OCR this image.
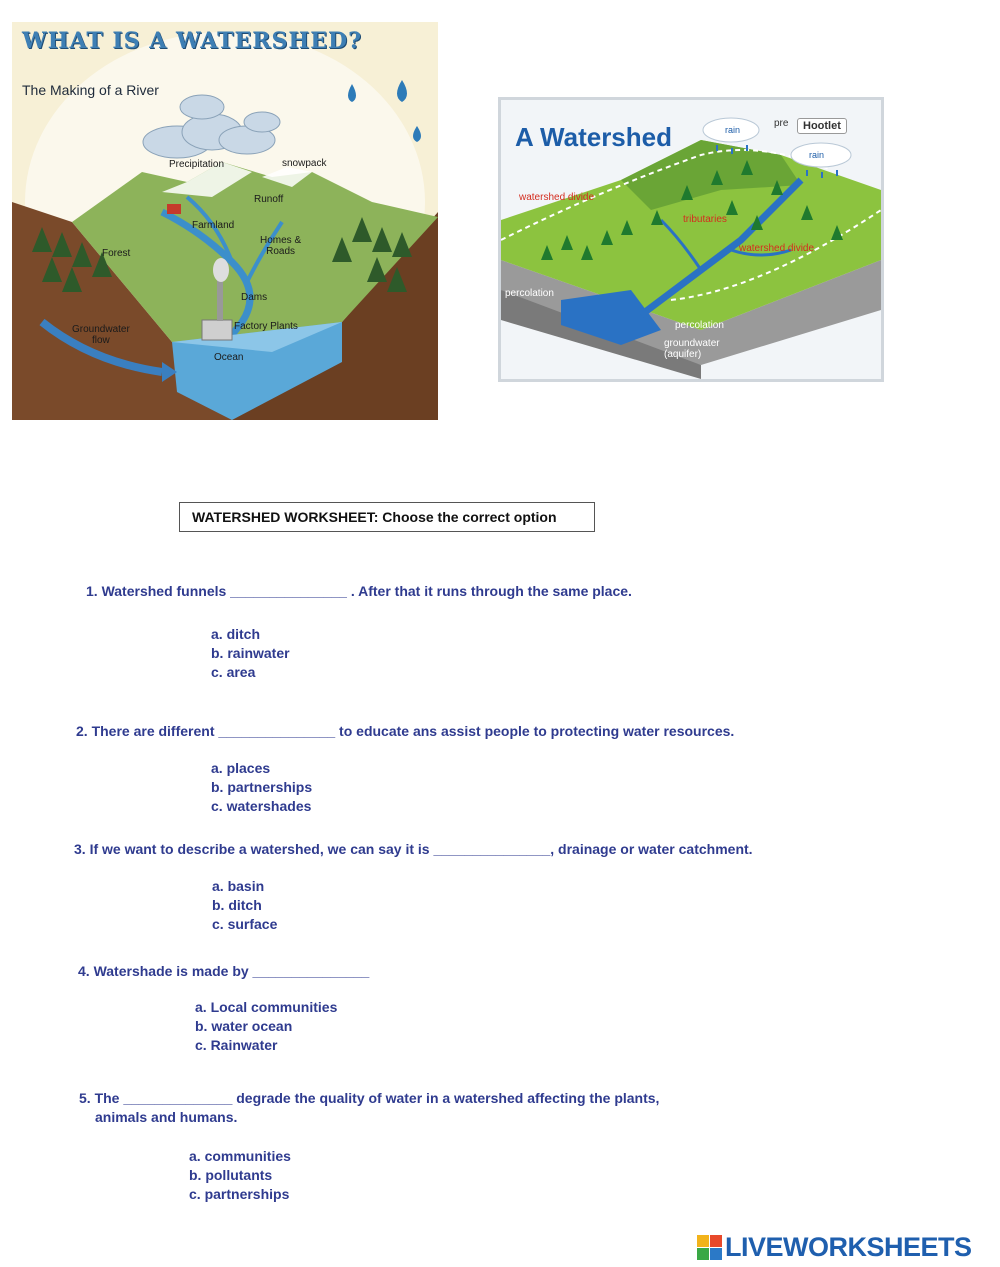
WHAT IS A WATERSHED?
The Making of a River
Precipitation	snowpack
Runoff
Farmland
Forest
Homes &
Roads
Dams
Factory Plants
Groundwater
flow
Ocean
A Watershed	pre	Hootlet
rain
rain
watershed divide
tributaries
watershed divide
percolation
percolation
groundwater
(aquifer)
WATERSHED WORKSHEET: Choose the correct option
1. Watershed funnels _______________ . After that it runs through the same place.
a. ditch
b. rainwater
c. area
2. There are different _______________ to educate ans assist people to protecting water resources.
a. places
b. partnerships
c. watershades
3. If we want to describe a watershed, we can say it is _______________, drainage or water catchment.
a. basin
b. ditch
c. surface
4. Watershade is made by _______________
a. Local communities
b. water ocean
c. Rainwater
5. The ______________ degrade the quality of water in a watershed affecting the plants,
animals and humans.
a. communities
b. pollutants
c. partnerships
LIVEWORKSHEETS
